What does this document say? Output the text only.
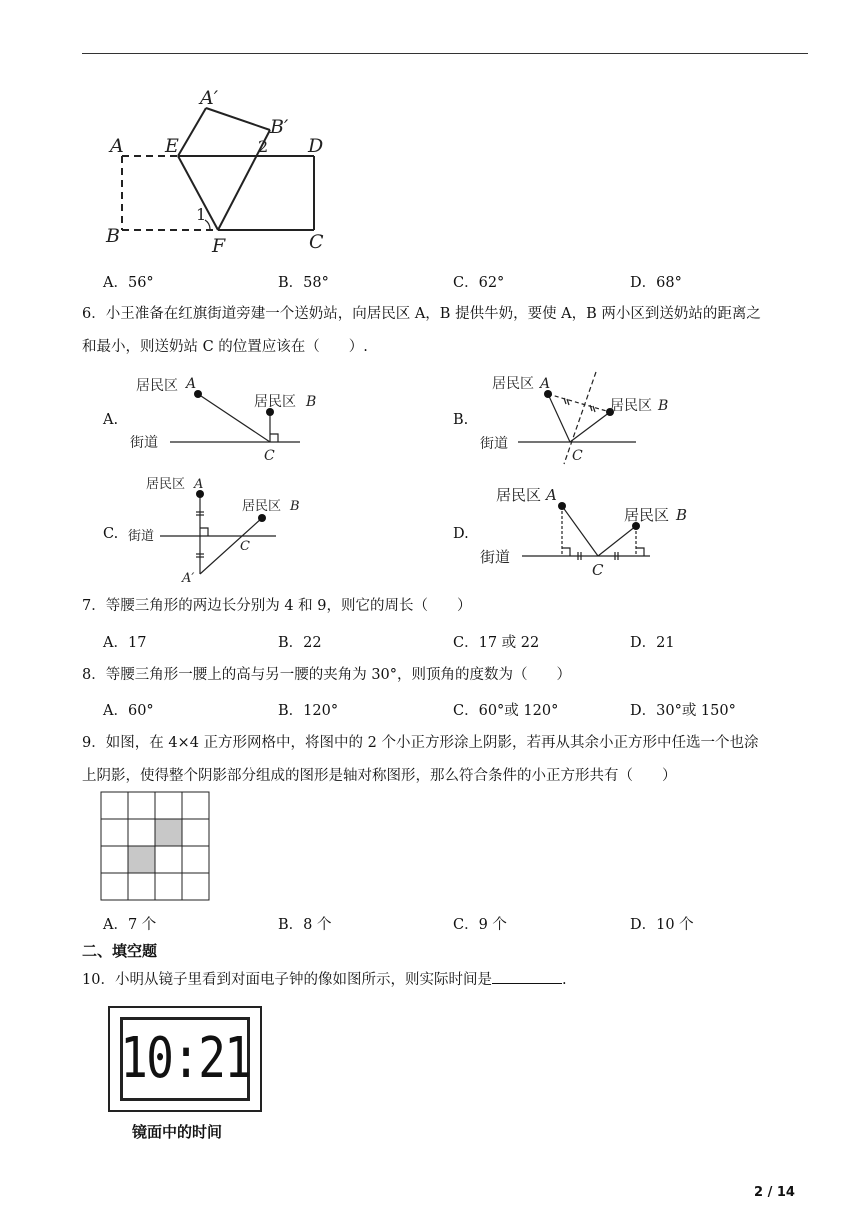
A
A′
B′
E	2 D
1
B	F	C
A．56°	B．58°	C．62°	D．68°
6．小王准备在红旗街道旁建一个送奶站，向居民区 A，B 提供牛奶，要使 A，B 两小区到送奶站的距离之
和最小，则送奶站 C 的位置应该在（　　）.
A.
居民区 A
居民区 B
街道
C
B.
居民区 A
居民区 B
街道
C
C.
居民区 A
居民区 B
街道
C
A′
D.
居民区 A
居民区 B
街道
C
7．等腰三角形的两边长分别为 4 和 9，则它的周长（　　）
A．17	B．22	C．17 或 22	D．21
8．等腰三角形一腰上的高与另一腰的夹角为 30°，则顶角的度数为（　　）
A．60°	B．120°	C．60°或 120°	D．30°或 150°
9．如图，在 4×4 正方形网格中，将图中的 2 个小正方形涂上阴影，若再从其余小正方形中任选一个也涂
上阴影，使得整个阴影部分组成的图形是轴对称图形，那么符合条件的小正方形共有（　　）
A．7 个	B．8 个	C．9 个	D．10 个
二、填空题
10．小明从镜子里看到对面电子钟的像如图所示，则实际时间是	.
10:21
镜面中的时间
2 / 14
